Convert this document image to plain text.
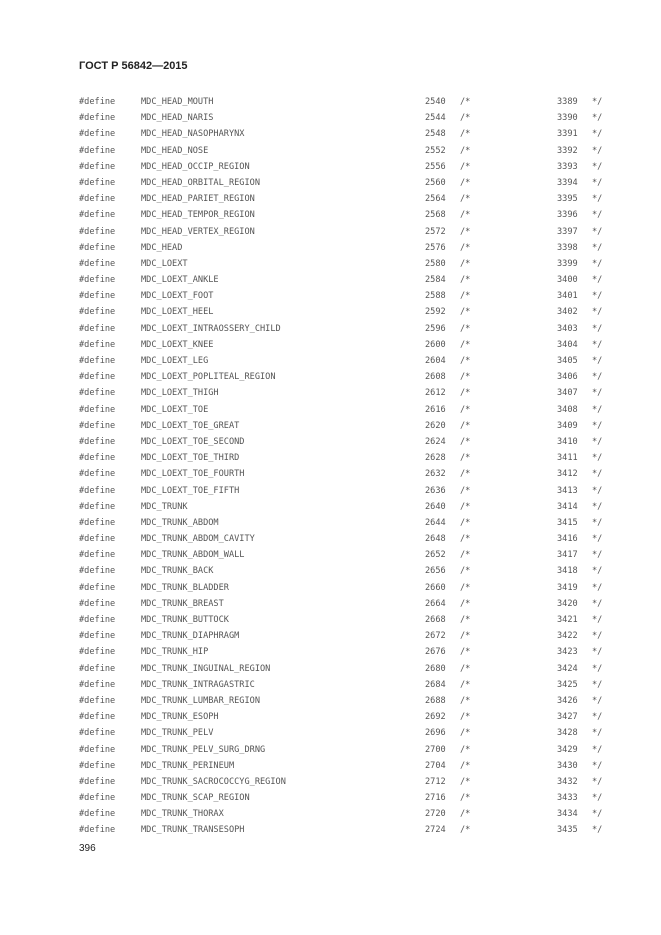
ГОСТ Р 56842—2015
#define	MDC_HEAD_MOUTH	2540 /*	3389 */
#define	MDC_HEAD_NARIS	2544 /*	3390 */
#define	MDC_HEAD_NASOPHARYNX	2548 /*	3391 */
#define	MDC_HEAD_NOSE	2552 /*	3392 */
#define	MDC_HEAD_OCCIP_REGION	2556 /*	3393 */
#define	MDC_HEAD_ORBITAL_REGION	2560 /*	3394 */
#define	MDC_HEAD_PARIET_REGION	2564 /*	3395 */
#define	MDC_HEAD_TEMPOR_REGION	2568 /*	3396 */
#define	MDC_HEAD_VERTEX_REGION	2572 /*	3397 */
#define	MDC_HEAD	2576 /*	3398 */
#define	MDC_LOEXT	2580 /*	3399 */
#define	MDC_LOEXT_ANKLE	2584 /*	3400 */
#define	MDC_LOEXT_FOOT	2588 /*	3401 */
#define	MDC_LOEXT_HEEL	2592 /*	3402 */
#define	MDC_LOEXT_INTRAOSSERY_CHILD	2596 /*	3403 */
#define	MDC_LOEXT_KNEE	2600 /*	3404 */
#define	MDC_LOEXT_LEG	2604 /*	3405 */
#define	MDC_LOEXT_POPLITEAL_REGION	2608 /*	3406 */
#define	MDC_LOEXT_THIGH	2612 /*	3407 */
#define	MDC_LOEXT_TOE	2616 /*	3408 */
#define	MDC_LOEXT_TOE_GREAT	2620 /*	3409 */
#define	MDC_LOEXT_TOE_SECOND	2624 /*	3410 */
#define	MDC_LOEXT_TOE_THIRD	2628 /*	3411 */
#define	MDC_LOEXT_TOE_FOURTH	2632 /*	3412 */
#define	MDC_LOEXT_TOE_FIFTH	2636 /*	3413 */
#define	MDC_TRUNK	2640 /*	3414 */
#define	MDC_TRUNK_ABDOM	2644 /*	3415 */
#define	MDC_TRUNK_ABDOM_CAVITY	2648 /*	3416 */
#define	MDC_TRUNK_ABDOM_WALL	2652 /*	3417 */
#define	MDC_TRUNK_BACK	2656 /*	3418 */
#define	MDC_TRUNK_BLADDER	2660 /*	3419 */
#define	MDC_TRUNK_BREAST	2664 /*	3420 */
#define	MDC_TRUNK_BUTTOCK	2668 /*	3421 */
#define	MDC_TRUNK_DIAPHRAGM	2672 /*	3422 */
#define	MDC_TRUNK_HIP	2676 /*	3423 */
#define	MDC_TRUNK_INGUINAL_REGION	2680 /*	3424 */
#define	MDC_TRUNK_INTRAGASTRIC	2684 /*	3425 */
#define	MDC_TRUNK_LUMBAR_REGION	2688 /*	3426 */
#define	MDC_TRUNK_ESOPH	2692 /*	3427 */
#define	MDC_TRUNK_PELV	2696 /*	3428 */
#define	MDC_TRUNK_PELV_SURG_DRNG	2700 /*	3429 */
#define	MDC_TRUNK_PERINEUM	2704 /*	3430 */
#define	MDC_TRUNK_SACROCOCCYG_REGION	2712 /*	3432 */
#define	MDC_TRUNK_SCAP_REGION	2716 /*	3433 */
#define	MDC_TRUNK_THORAX	2720 /*	3434 */
#define	MDC_TRUNK_TRANSESOPH	2724 /*	3435 */
396
